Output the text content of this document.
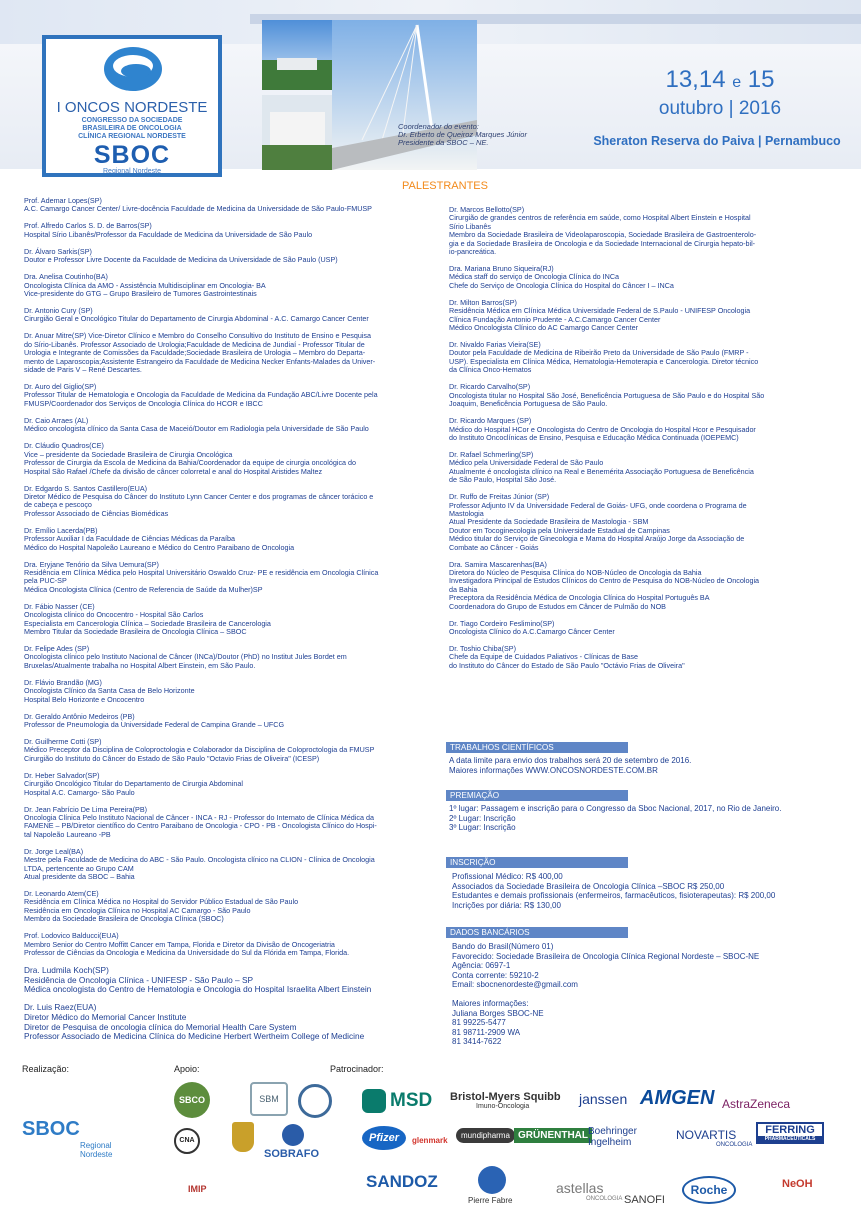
I ONCOS NORDESTE
CONGRESSO DA SOCIEDADE
BRASILEIRA DE ONCOLOGIA
CLÍNICA REGIONAL NORDESTE
SBOC
Regional Nordeste
Coordenador do evento:
Dr. Erberto de Queiroz Marques Júnior
Presidente da SBOC – NE.
13,14 e 15
outubro | 2016
Sheraton Reserva do Paiva | Pernambuco
PALESTRANTES

Prof. Ademar Lopes(SP)

A.C. Camargo Cancer Center/ Livre-docência Faculdade de Medicina da Universidade de São Paulo-FMUSP

Prof. Alfredo Carlos S. D. de Barros(SP)

Hospital Sírio Libanês/Professor da Faculdade de Medicina da Universidade de São Paulo

Dr. Álvaro Sarkis(SP)

Doutor e Professor Livre Docente da Faculdade de Medicina da Universidade de São Paulo (USP)

Dra. Anelisa Coutinho(BA)

Oncologista Clínica da AMO - Assistência Multidisciplinar em Oncologia- BA

Vice-presidente do GTG – Grupo Brasileiro de Tumores Gastrointestinais

Dr. Antonio Cury (SP)

Cirurgião Geral e Oncológico Titular do Departamento de Cirurgia Abdominal - A.C. Camargo Cancer Center

Dr. Anuar Mitre(SP) Vice-Diretor Clínico e Membro do Conselho Consultivo do Instituto de Ensino e Pesquisa

do Sírio-Libanês. Professor Associado de Urologia;Faculdade de Medicina de Jundiaí - Professor Titular de

Urologia e Integrante de Comissões da Faculdade;Sociedade Brasileira de Urologia – Membro do Departa-

mento de Laparoscopia;Assistente Estrangeiro da Faculdade de Medicina Necker Enfants-Malades da Univer-

sidade de Paris V – René Descartes.

Dr. Auro del Giglio(SP)

Professor Titular de Hematologia e Oncologia da Faculdade de Medicina da Fundação ABC/Livre Docente pela

FMUSP/Coordenador dos Serviços de Oncologia Clínica do HCOR e IBCC

Dr. Caio Arraes (AL)

Médico oncologista clínico da Santa Casa de Maceió/Doutor em Radiologia pela Universidade de São Paulo

Dr. Cláudio Quadros(CE)

Vice – presidente da Sociedade Brasileira de Cirurgia Oncológica

Professor de Cirurgia da Escola de Medicina da Bahia/Coordenador da equipe de cirurgia oncológica do

Hospital São Rafael /Chefe da divisão de câncer colorretal e anal do Hospital Aristides Maltez

Dr. Edgardo S. Santos Castillero(EUA)

Diretor Médico de Pesquisa do Câncer do Instituto Lynn Cancer Center e dos programas de câncer torácico e

de cabeça e pescoço

Professor Associado de Ciências Biomédicas

Dr. Emílio Lacerda(PB)

Professor Auxiliar I da Faculdade de Ciências Médicas da Paraíba

Médico do Hospital Napoleão Laureano e Médico do Centro Paraibano de Oncologia

Dra. Eryjane Tenório da Silva Uemura(SP)

Residência em Clínica Médica pelo Hospital Universitário Oswaldo Cruz- PE e residência em Oncologia Clínica

pela PUC-SP

Médica Oncologista Clínica (Centro de Referencia de Saúde da Mulher)SP

Dr. Fábio Nasser (CE)

Oncologista clínico do Oncocentro - Hospital São Carlos

Especialista em Cancerologia Clínica – Sociedade Brasileira de Cancerologia

Membro Titular da Sociedade Brasileira de Oncologia Clínica – SBOC

Dr. Felipe Ades (SP)

Oncologista clínico pelo Instituto Nacional de Câncer (INCa)/Doutor (PhD) no Institut Jules Bordet em

Bruxelas/Atualmente trabalha no Hospital Albert Einstein, em São Paulo.

Dr. Flávio Brandão (MG)

Oncologista Clínico da Santa Casa de Belo Horizonte

Hospital Belo Horizonte e Oncocentro

Dr. Geraldo Antônio Medeiros (PB)

Professor de Pneumologia da Universidade Federal de Campina Grande – UFCG

Dr. Guilherme Cotti (SP)

Médico Preceptor da Disciplina de Coloproctologia e Colaborador da Disciplina de Coloproctologia da FMUSP

Cirurgião do Instituto do Câncer do Estado de São Paulo "Octavio Frias de Oliveira" (ICESP)

Dr. Heber Salvador(SP)

Cirurgião Oncológico Titular do Departamento de Cirurgia Abdominal

Hospital A.C. Camargo- São Paulo

Dr. Jean Fabrício De Lima Pereira(PB)

Oncologia Clínica Pelo Instituto Nacional de Câncer - INCA - RJ - Professor do Internato de Clínica Médica da

FAMENE – PB/Diretor científico do Centro Paraibano de Oncologia - CPO - PB - Oncologista Clínico do Hospi-

tal Napoleão Laureano -PB

Dr. Jorge Leal(BA)

Mestre pela Faculdade de Medicina do ABC - São Paulo. Oncologista clínico na CLION - Clínica de Oncologia

LTDA, pertencente ao Grupo CAM

Atual presidente da SBOC – Bahia

Dr. Leonardo Atem(CE)

Residência em Clínica Médica no Hospital do Servidor Público Estadual de São Paulo

Residência em Oncologia Clínica no Hospital AC Camargo - São Paulo

Membro da Sociedade Brasileira de Oncologia Clínica (SBOC)

Prof. Lodovico Balducci(EUA)

Membro Senior do Centro Moffitt Cancer em Tampa, Florida e Diretor da Divisão de Oncogeriatria

Professor de Ciências da Oncologia e Medicina da Universidade do Sul da Flórida em Tampa, Florida.

Dra. Ludmila Koch(SP)

Residência de Oncologia Clínica - UNIFESP - São Paulo – SP

Médica oncologista do Centro de Hematologia e Oncologia do Hospital Israelita Albert Einstein

Dr. Luis Raez(EUA)

Diretor Médico do Memorial Cancer Institute

Diretor de Pesquisa de oncologia clínica do Memorial Health Care System

Professor Associado de Medicina Clínica do Medicine Herbert Wertheim College of Medicine

Dr. Marcos Bellotto(SP)

Cirurgião de grandes centros de referência em saúde, como Hospital Albert Einstein e Hospital

Sírio Libanês

Membro da Sociedade Brasileira de Videolaparoscopia, Sociedade Brasileira de Gastroenterolo-

gia e da Sociedade Brasileira de Oncologia e da Sociedade Internacional de Cirurgia hepato-bil-

io-pancreática.

Dra. Mariana Bruno Siqueira(RJ)

Médica staff do serviço de Oncologia Clínica do INCa

Chefe do Serviço de Oncologia Clínica do Hospital do Câncer I – INCa

Dr. Milton Barros(SP)

Residência Médica em Clínica Médica Universidade Federal de S.Paulo - UNIFESP Oncologia

Clínica Fundação Antonio Prudente - A.C.Camargo Cancer Center

Médico Oncologista Clínico do AC Camargo Cancer Center

Dr. Nivaldo Farias Vieira(SE)

Doutor pela Faculdade de Medicina de Ribeirão Preto da Universidade de São Paulo (FMRP -

USP). Especialista em Clínica Médica, Hematologia-Hemoterapia e Cancerologia. Diretor técnico

da Clínica Onco-Hematos

Dr. Ricardo Carvalho(SP)

Oncologista titular no Hospital São José, Beneficência Portuguesa de São Paulo e do Hospital São

Joaquim, Beneficência Portuguesa de São Paulo.

Dr. Ricardo Marques (SP)

Médico do Hospital HCor e Oncologista do Centro de Oncologia do Hospital Hcor e Pesquisador

do Instituto Oncoclínicas de Ensino, Pesquisa e Educação Médica Continuada (IOEPEMC)

Dr. Rafael Schmerling(SP)

Médico pela Universidade Federal de São Paulo

Atualmente é oncologista clínico na Real e Benemérita Associação Portuguesa de Beneficência

de São Paulo, Hospital São José.

Dr. Ruffo de Freitas Júnior (SP)

Professor Adjunto IV da Universidade Federal de Goiás- UFG, onde coordena o Programa de

Mastologia

Atual Presidente da Sociedade Brasileira de Mastologia - SBM

Doutor em Tocoginecologia pela Universidade Estadual de Campinas

Médico titular do Serviço de Ginecologia e Mama do Hospital Araújo Jorge da Associação de

Combate ao Câncer - Goiás

Dra. Samira Mascarenhas(BA)

Diretora do Núcleo de Pesquisa Clínica do NOB-Núcleo de Oncologia da Bahia

Investigadora Principal de Estudos Clínicos do Centro de Pesquisa do NOB-Núcleo de Oncologia

da Bahia

Preceptora da Residência Médica de Oncologia Clínica do Hospital Português BA

Coordenadora do Grupo de Estudos em Câncer de Pulmão do NOB

Dr. Tiago Cordeiro Feslimino(SP)

Oncologista Clínico do A.C.Camargo Câncer Center

Dr. Toshio Chiba(SP)

Chefe da Equipe de Cuidados Paliativos - Clínicas de Base

do Instituto do Câncer do Estado de São Paulo "Octávio Frias de Oliveira"

TRABALHOS CIENTÍFICOS

A data limite para envio dos trabalhos será 20 de setembro de 2016.

Maiores informações WWW.ONCOSNORDESTE.COM.BR

PREMIAÇÃO

1º lugar: Passagem e inscrição para o Congresso da Sboc Nacional, 2017, no Rio de Janeiro.

2º Lugar: Inscrição

3º Lugar: Inscrição

INSCRIÇÃO

Profissional Médico: R$ 400,00

Associados da Sociedade Brasileira de Oncologia Clínica –SBOC R$ 250,00

Estudantes e demais profissionais (enfermeiros, farmacêuticos, fisioterapeutas): R$ 200,00

Incrições por diária: R$ 130,00

DADOS BANCÁRIOS

Bando do Brasil(Número 01)

Favorecido: Sociedade Brasileira de Oncologia Clínica Regional Nordeste – SBOC-NE

Agência: 0697-1

Conta corrente: 59210-2

Email: sbocnenordeste@gmail.com

Maiores informações:

Juliana Borges SBOC-NE

81 99225-5477

81 98711-2909 WA

81 3414-7622

Realização:	Apoio:	Patrocinador:
SBOC
Regional Nordeste
SBCO	SBM
CNA
SOBRAFO
IMIP
MSD Bristol-Myers Squibb
Imuno-Oncologia	janssen AMGEN AstraZeneca
Pfizer	glenmark
mundipharma GRÜNENTHAL Boehringer Ingelheim
NOVARTIS
ONCOLOGIA
FERRING
PHARMACEUTICALS
SANDOZ
Pierre Fabre
astellas
ONCOLOGIA SANOFI
Roche	NeOH
